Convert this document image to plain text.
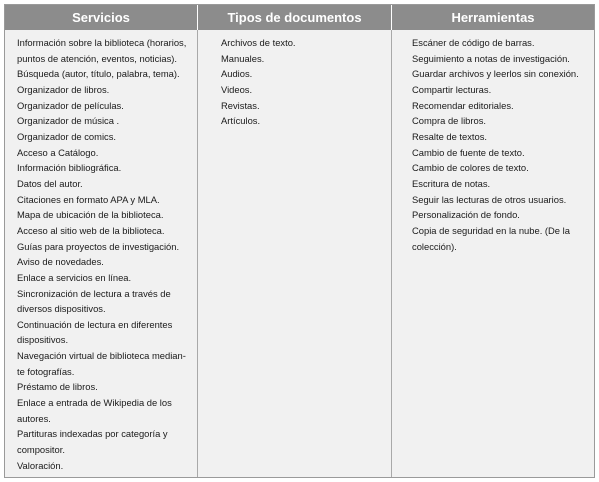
Servicios	Tipos de documentos	Herramientas
Información sobre la biblioteca (horarios,
puntos de atención, eventos, noticias).
Búsqueda (autor, título, palabra, tema).
Organizador de libros.
Organizador de películas.
Organizador de música .
Organizador de comics.
Acceso a Catálogo.
Información bibliográfica.
Datos del autor.
Citaciones en formato APA y MLA.
Mapa de ubicación de la biblioteca.
Acceso al sitio web de la biblioteca.
Guías para proyectos de investigación.
Aviso de novedades.
Enlace a servicios en línea.
Sincronización de lectura a través de
diversos dispositivos.
Continuación de lectura en diferentes
dispositivos.
Navegación virtual de biblioteca median-
te fotografías.
Préstamo de libros.
Enlace a entrada de Wikipedia de los
autores.
Partituras indexadas por categoría y
compositor.
Valoración.
Archivos de texto.
Manuales.
Audios.
Videos.
Revistas.
Artículos.
Escáner de código de barras.
Seguimiento a notas de investigación.
Guardar archivos y leerlos sin conexión.
Compartir lecturas.
Recomendar editoriales.
Compra de libros.
Resalte de textos.
Cambio de fuente de texto.
Cambio de colores de texto.
Escritura de notas.
Seguir las lecturas de otros usuarios.
Personalización de fondo.
Copia de seguridad en la nube. (De la
colección).
